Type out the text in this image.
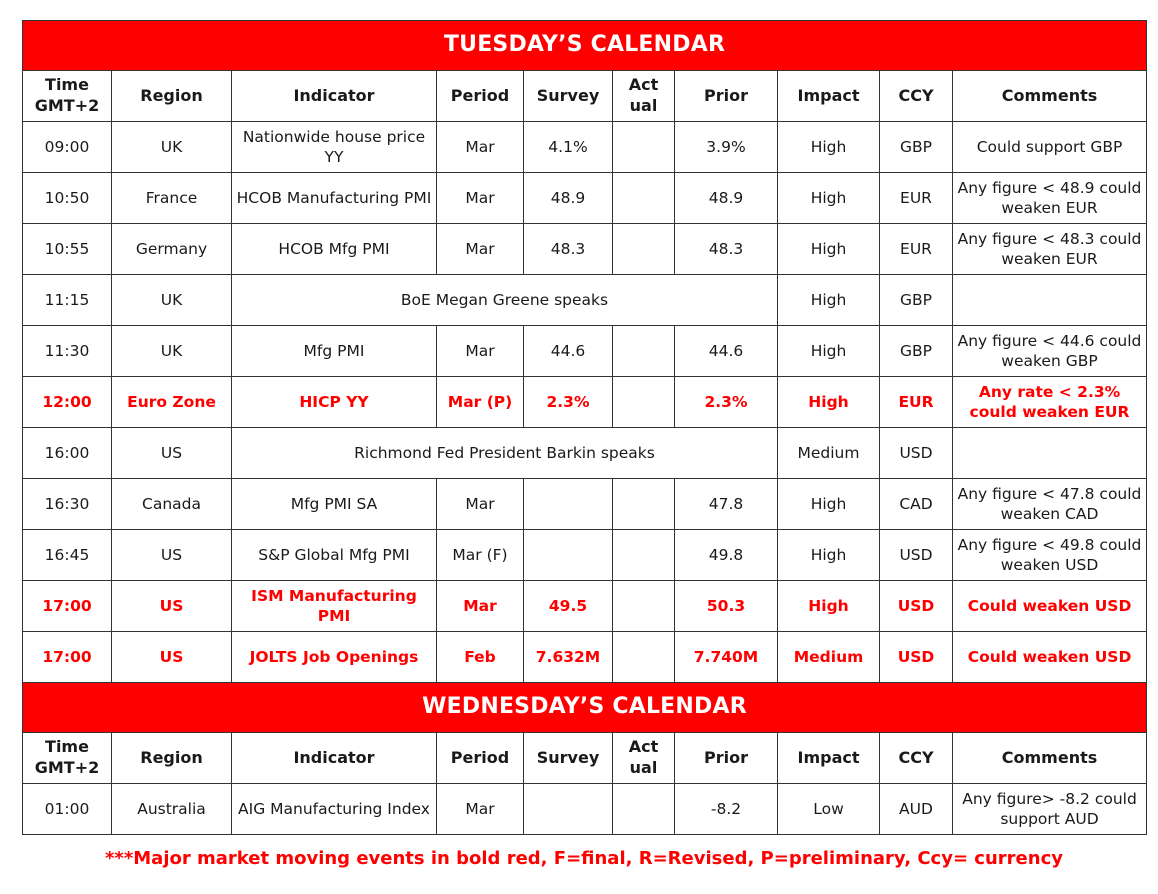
TUESDAY’S CALENDAR									
Time GMT+2	Region	Indicator	Period	Survey	Act ual	Prior	Impact	CCY	Comments
09:00	UK	Nationwide house price YY	Mar	4.1%		3.9%	High	GBP	Could support GBP
10:50	France	HCOB Manufacturing PMI	Mar	48.9		48.9	High	EUR	Any figure < 48.9 could weaken EUR
10:55	Germany	HCOB Mfg PMI	Mar	48.3		48.3	High	EUR	Any figure < 48.3 could weaken EUR
11:15	UK	BoE Megan Greene speaks					High	GBP	
11:30	UK	Mfg PMI	Mar	44.6		44.6	High	GBP	Any figure < 44.6 could weaken GBP
12:00	Euro Zone	HICP YY	Mar (P)	2.3%		2.3%	High	EUR	Any rate < 2.3% could weaken EUR
16:00	US	Richmond Fed President Barkin speaks					Medium	USD	
16:30	Canada	Mfg PMI SA	Mar			47.8	High	CAD	Any figure < 47.8 could weaken CAD
16:45	US	S&P Global Mfg PMI	Mar (F)			49.8	High	USD	Any figure < 49.8 could weaken USD
17:00	US	ISM Manufacturing PMI	Mar	49.5		50.3	High	USD	Could weaken USD
17:00	US	JOLTS Job Openings	Feb	7.632M		7.740M	Medium	USD	Could weaken USD
WEDNESDAY’S CALENDAR									
Time GMT+2	Region	Indicator	Period	Survey	Act ual	Prior	Impact	CCY	Comments
01:00	Australia	AIG Manufacturing Index	Mar			-8.2	Low	AUD	Any figure> -8.2 could support AUD
***Major market moving events in bold red, F=final, R=Revised, P=preliminary, Ccy= currency
